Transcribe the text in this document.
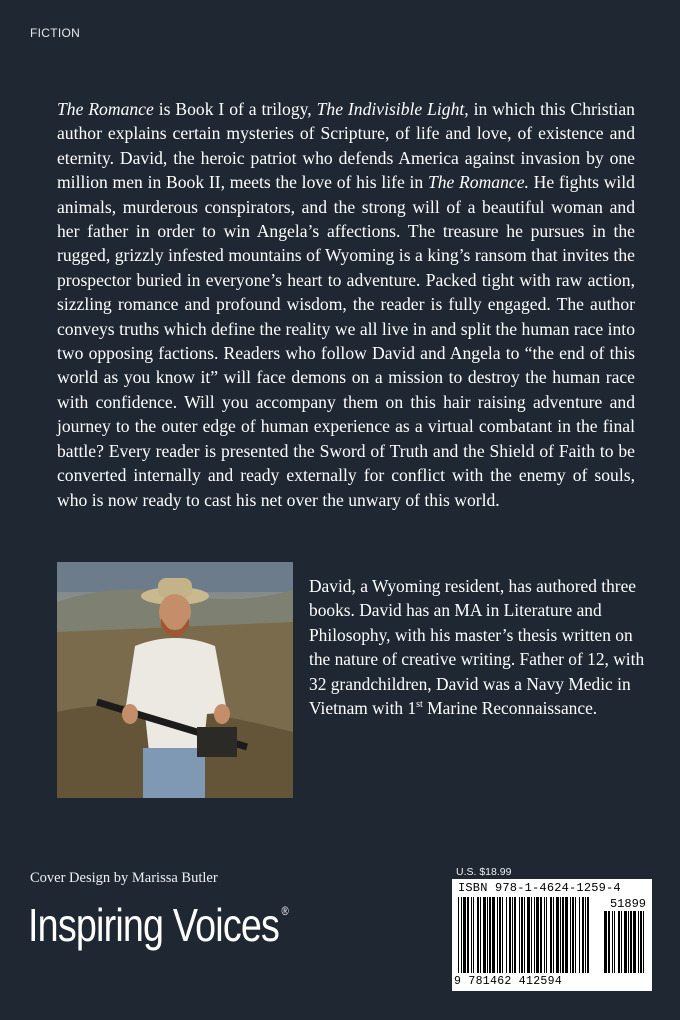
FICTION

The Romance is Book I of a trilogy, The Indivisible Light, in which this Christian author explains certain mysteries of Scripture, of life and love, of existence and eternity. David, the heroic patriot who defends America against invasion by one million men in Book II, meets the love of his life in The Romance. He fights wild animals, murderous conspirators, and the strong will of a beautiful woman and her father in order to win Angela’s affections. The treasure he pursues in the rugged, grizzly infested mountains of Wyoming is a king’s ransom that invites the prospector buried in everyone’s heart to adventure. Packed tight with raw action, sizzling romance and profound wisdom, the reader is fully engaged. The author conveys truths which define the reality we all live in and split the human race into two opposing factions. Readers who follow David and Angela to “the end of this world as you know it” will face demons on a mission to destroy the human race with confidence. Will you accompany them on this hair raising adventure and journey to the outer edge of human experience as a virtual combatant in the final battle? Every reader is presented the Sword of Truth and the Shield of Faith to be converted internally and ready externally for conflict with the enemy of souls, who is now ready to cast his net over the unwary of this world.

David, a Wyoming resident, has authored three books. David has an MA in Literature and Philosophy, with his master’s thesis written on the nature of creative writing. Father of 12, with 32 grandchildren, David was a Navy Medic in Vietnam with 1st Marine Reconnaissance.

Cover Design by Marissa Butler
Inspiring Voices ®
U.S. $18.99
ISBN 978-1-4624-1259-4
51899
9 781462 412594
